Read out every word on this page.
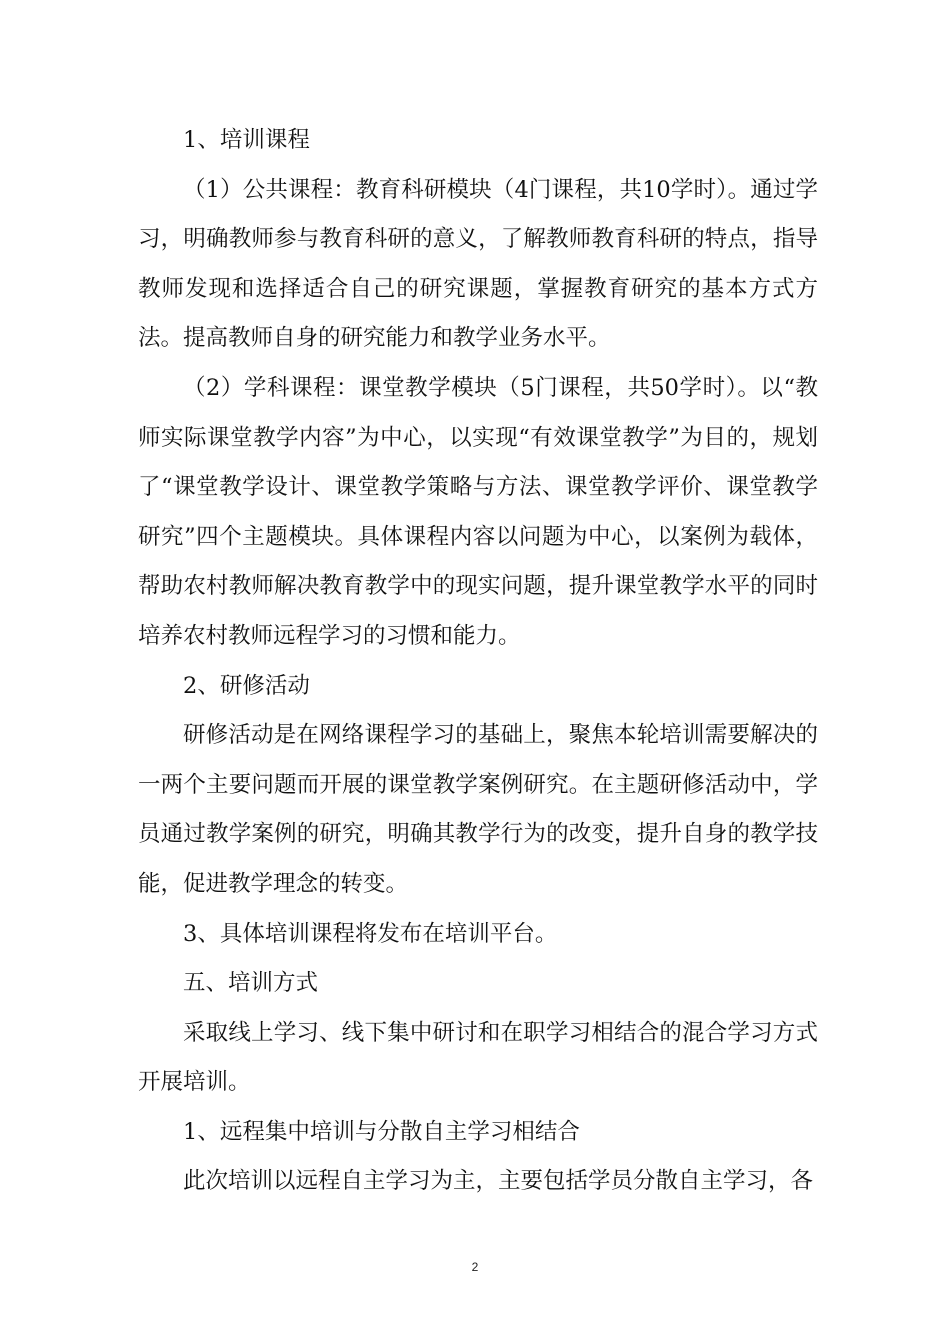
1、培训课程

（1）公共课程：教育科研模块（4门课程，共10学时）。通过学习，明确教师参与教育科研的意义，了解教师教育科研的特点，指导教师发现和选择适合自己的研究课题，掌握教育研究的基本方式方法。提高教师自身的研究能力和教学业务水平。

（2）学科课程：课堂教学模块（5门课程，共50学时）。以“教师实际课堂教学内容”为中心，以实现“有效课堂教学”为目的，规划了“课堂教学设计、课堂教学策略与方法、课堂教学评价、课堂教学研究”四个主题模块。具体课程内容以问题为中心，以案例为载体，帮助农村教师解决教育教学中的现实问题，提升课堂教学水平的同时培养农村教师远程学习的习惯和能力。

2、研修活动

研修活动是在网络课程学习的基础上，聚焦本轮培训需要解决的一两个主要问题而开展的课堂教学案例研究。在主题研修活动中，学员通过教学案例的研究，明确其教学行为的改变，提升自身的教学技能，促进教学理念的转变。

3、具体培训课程将发布在培训平台。

五、培训方式

采取线上学习、线下集中研讨和在职学习相结合的混合学习方式开展培训。

1、远程集中培训与分散自主学习相结合

此次培训以远程自主学习为主，主要包括学员分散自主学习，各

2
